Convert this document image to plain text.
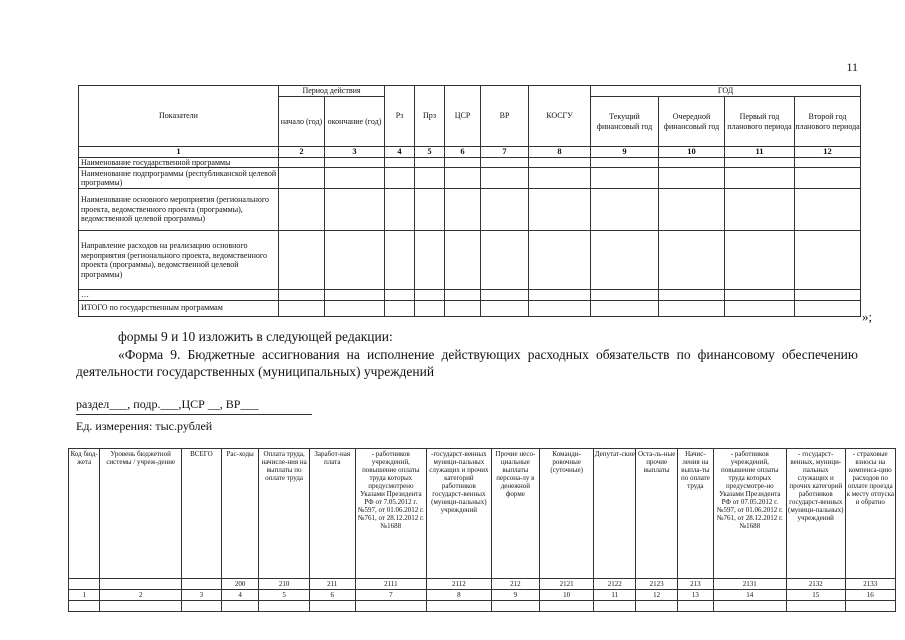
11
Показатели	Период действия		Рз	Прз	ЦСР	ВР	КОСГУ	ГОД			
	начало (год)	окончание (год)						Текущий финансовый год	Очередной финансовый год	Первый год планового периода	Второй год планового периода
1	2	3	4	5	6	7	8	9	10	11	12
Наименование государственной программы											
Наименование подпрограммы (республиканской целевой программы)											
Наименование основного мероприятия (регионального проекта, ведомственного проекта (программы), ведомственной целевой программы)											
Направление расходов на реализацию основного мероприятия (регионального проекта, ведомственного проекта (программы), ведомственной целевой программы)											
…											
ИТОГО по государственным программам											
»;
формы 9 и 10 изложить в следующей редакции:
«Форма 9. Бюджетные ассигнования на исполнение действующих расходных обязательств по финансовому обеспечению деятельности государственных (муниципальных) учреждений
раздел___, подр.___,ЦСР __, ВР___
Ед. измерения: тыс.рублей
Код бюд-жета	Уровень бюджетной системы / учреж-дение	ВСЕГО	Рас-ходы	Оплата труда, начисле-ния на выплаты по оплате труда	Заработ-ная плата	- работников учреждений, повышение оплаты труда которых предусмотрено Указами Президента РФ от 7.05.2012 г. №597, от 01.06.2012 г. №761, от 28.12.2012 г. №1688	-государст-венных муници-пальных служащих и прочих категорий работников государст-венных (муници-пальных) учреждений	Прочие несо-циальные выплаты персона-лу в денежной форме	Команди-ровочные (суточные)	Депутат-ские	Оста-ль-ные прочие выплаты	Начис-ления на выпла-ты по оплате труда	- работников учреждений, повышение оплаты труда которых предусмотре-но Указами Президента РФ от 07.05.2012 г. №597, от 01.06.2012 г. №761, от 28.12.2012 г. №1688	- государст-венных, муници-пальных служащих и прочих категорий работников государст-венных (муници-пальных) учреждений	- страховые взносы на компенса-цию расходов по оплате проезда к месту отпуска и обратно
			200	210	211	2111	2112	212	2121	2122	2123	213	2131	2132	2133
1	2	3	4	5	6	7	8	9	10	11	12	13	14	15	16
